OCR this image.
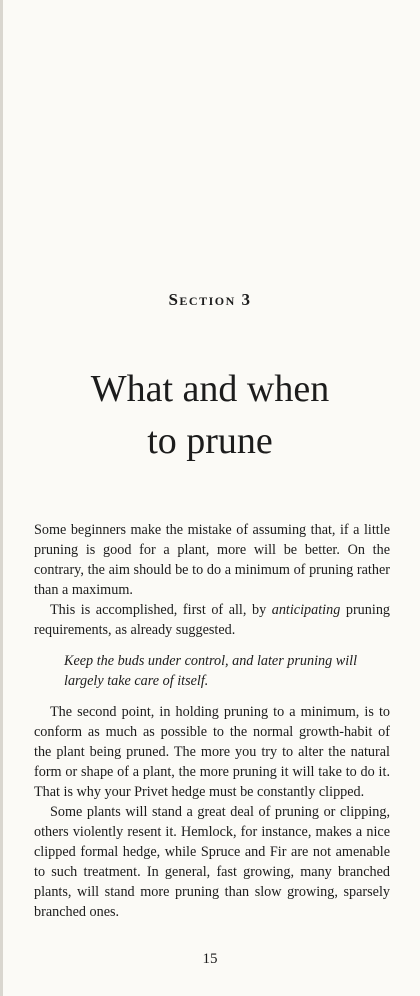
Section 3
What and when
to prune

Some beginners make the mistake of assuming that, if a little pruning is good for a plant, more will be better. On the contrary, the aim should be to do a minimum of pruning rather than a maximum.

This is accomplished, first of all, by anticipating pruning requirements, as already suggested.

Keep the buds under control, and later pruning will largely take care of itself.

The second point, in holding pruning to a minimum, is to conform as much as possible to the normal growth-habit of the plant being pruned. The more you try to alter the natural form or shape of a plant, the more pruning it will take to do it. That is why your Privet hedge must be constantly clipped.

Some plants will stand a great deal of pruning or clipping, others violently resent it. Hemlock, for instance, makes a nice clipped formal hedge, while Spruce and Fir are not amenable to such treatment. In general, fast growing, many branched plants, will stand more pruning than slow growing, sparsely branched ones.

15
